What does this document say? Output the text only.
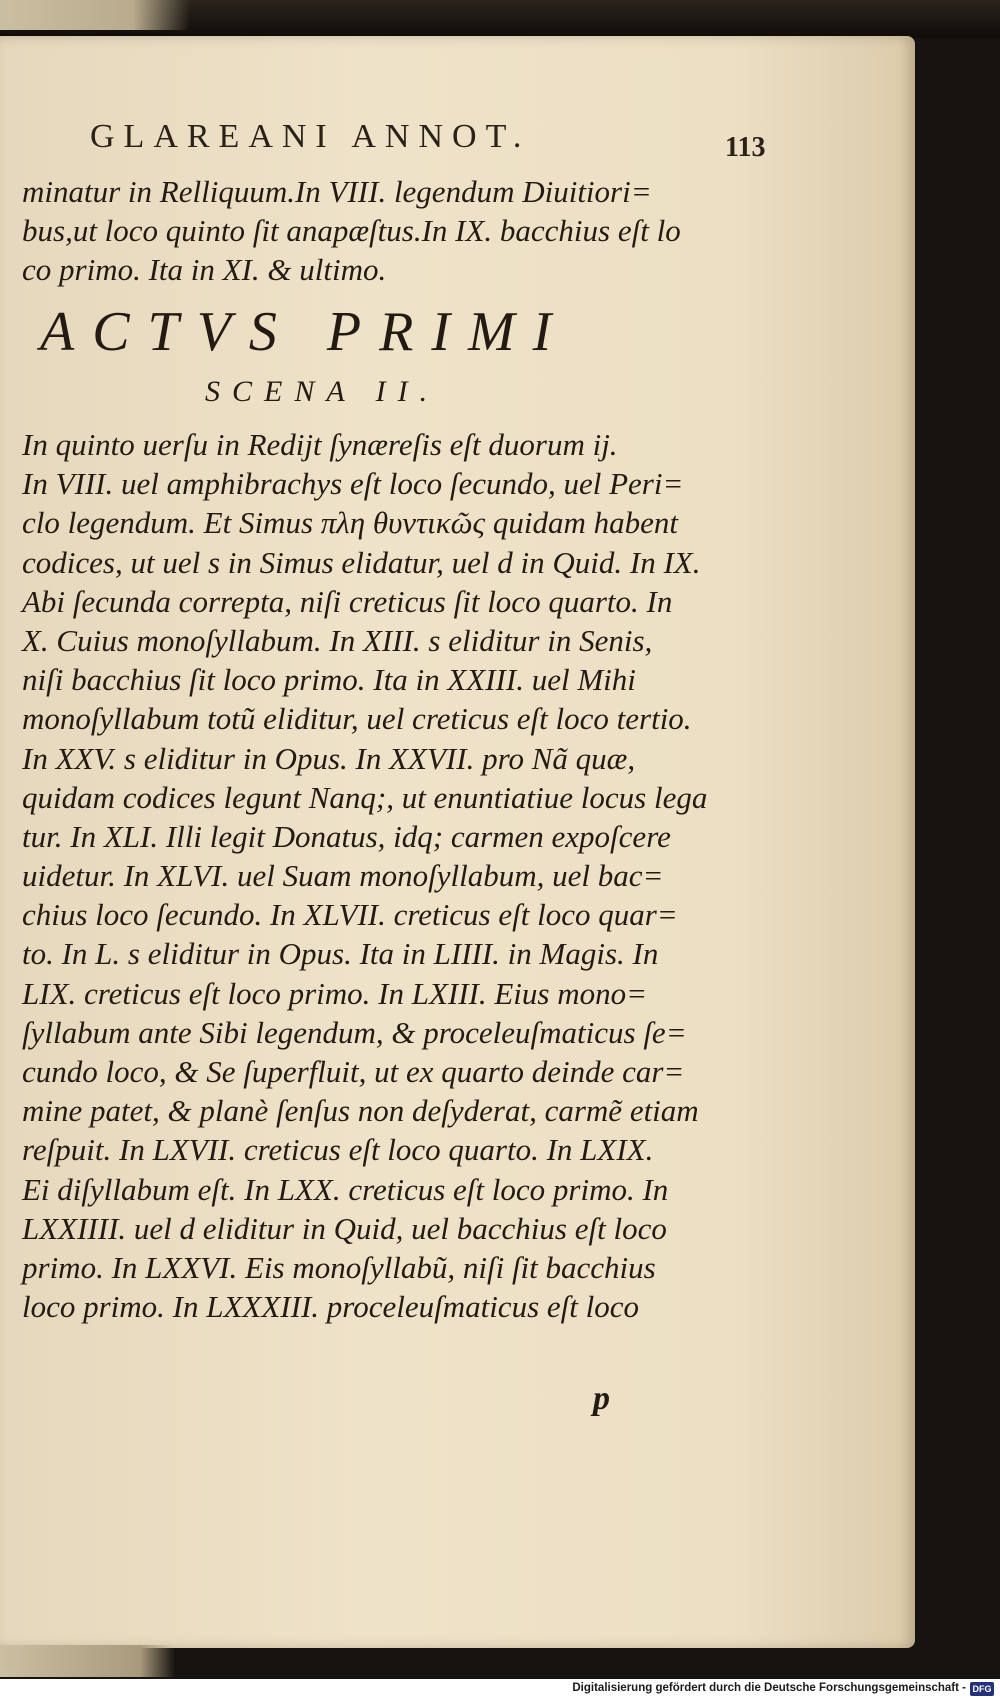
GLAREANI ANNOT.	113
minatur in Relliquum.In VIII. legendum Diuitiori=
bus,ut loco quinto ſit anapæſtus.In IX. bacchius eſt lo
co primo. Ita in XI. & ultimo.
ACTVS PRIMI
SCENA II.
In quinto uerſu in Rediјt ſynæreſis eſt duorum ij.
In VIII. uel amphibrachys eſt loco ſecundo, uel Peri=
clo legendum. Et Simus πλη θυντικῶς quidam habent
codices, ut uel s in Simus elidatur, uel d in Quid. In IX.
Abi ſecunda correpta, niſi creticus ſit loco quarto. In
X. Cuius monoſyllabum. In XIII. s eliditur in Senis,
niſi bacchius ſit loco primo. Ita in XXIII. uel Mihi
monoſyllabum totũ eliditur, uel creticus eſt loco tertio.
In XXV. s eliditur in Opus. In XXVII. pro Nã quæ,
quidam codices legunt Nanq;, ut enuntiatiue locus lega
tur. In XLI. Illi legit Donatus, idq; carmen expoſcere
uidetur. In XLVI. uel Suam monoſyllabum, uel bac=
chius loco ſecundo. In XLVII. creticus eſt loco quar=
to. In L. s eliditur in Opus. Ita in LIIII. in Magis. In
LIX. creticus eſt loco primo. In LXIII. Eius mono=
ſyllabum ante Sibi legendum, & proceleuſmaticus ſe=
cundo loco, & Se ſuperfluit, ut ex quarto deinde car=
mine patet, & planè ſenſus non deſyderat, carmẽ etiam
reſpuit. In LXVII. creticus eſt loco quarto. In LXIX.
Ei diſyllabum eſt. In LXX. creticus eſt loco primo. In
LXXIIII. uel d eliditur in Quid, uel bacchius eſt loco
primo. In LXXVI. Eis monoſyllabũ, niſi ſit bacchius
loco primo. In LXXXIII. proceleuſmaticus eſt loco
p
Digitalisierung gefördert durch die Deutsche Forschungsgemeinschaft - DFG
